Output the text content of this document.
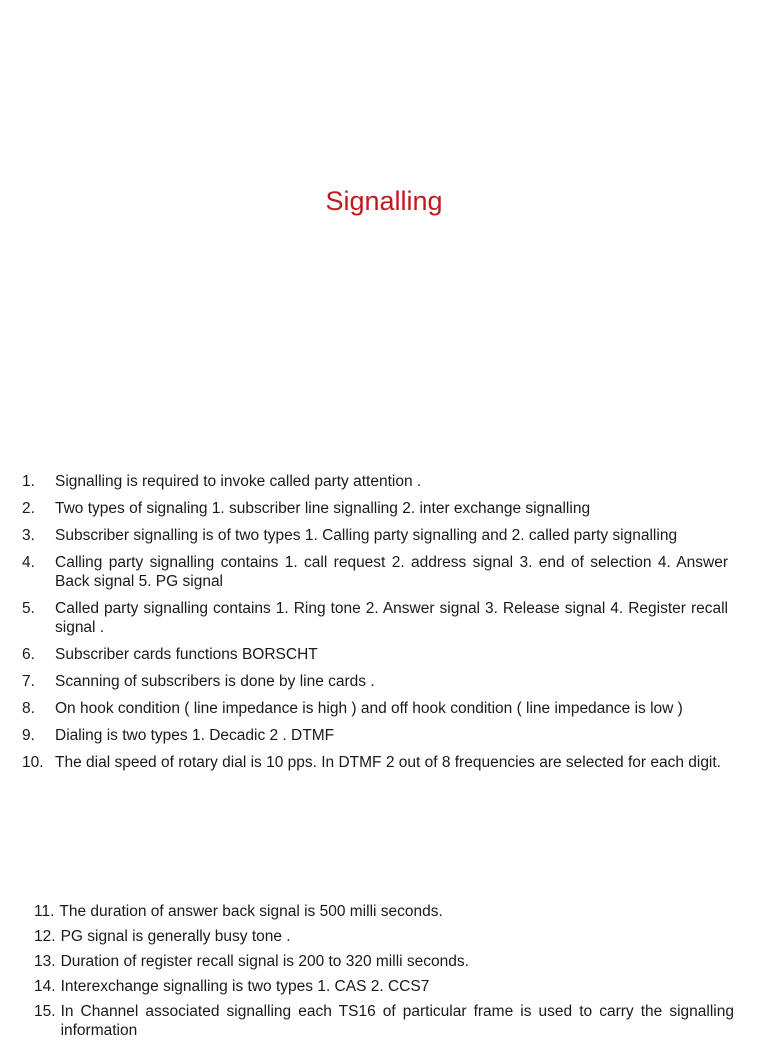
Signalling
1.	Signalling is required to invoke called party attention .
2.	Two types of signaling 1. subscriber line signalling 2. inter exchange signalling
3.	Subscriber signalling is of two types 1. Calling party signalling and 2. called party signalling
4.	Calling party signalling contains 1. call request 2. address signal 3. end of selection 4. Answer Back signal 5. PG signal
5.	Called party signalling contains 1. Ring tone 2. Answer signal 3. Release signal 4. Register recall signal .
6.	Subscriber cards functions BORSCHT
7.	Scanning of subscribers is done by line cards .
8.	On hook condition ( line impedance is high ) and off hook condition ( line impedance is low )
9.	Dialing is two types 1. Decadic 2 . DTMF
10. The dial speed of rotary dial is 10 pps. In DTMF 2 out of 8 frequencies are selected for each digit.
11. The duration of answer back signal is 500 milli seconds.
12. PG signal is generally busy tone .
13. Duration of register recall signal is 200 to 320 milli seconds.
14. Interexchange signalling is two types 1. CAS 2. CCS7
15. In Channel associated signalling each TS16 of particular frame is used to carry the signalling information
